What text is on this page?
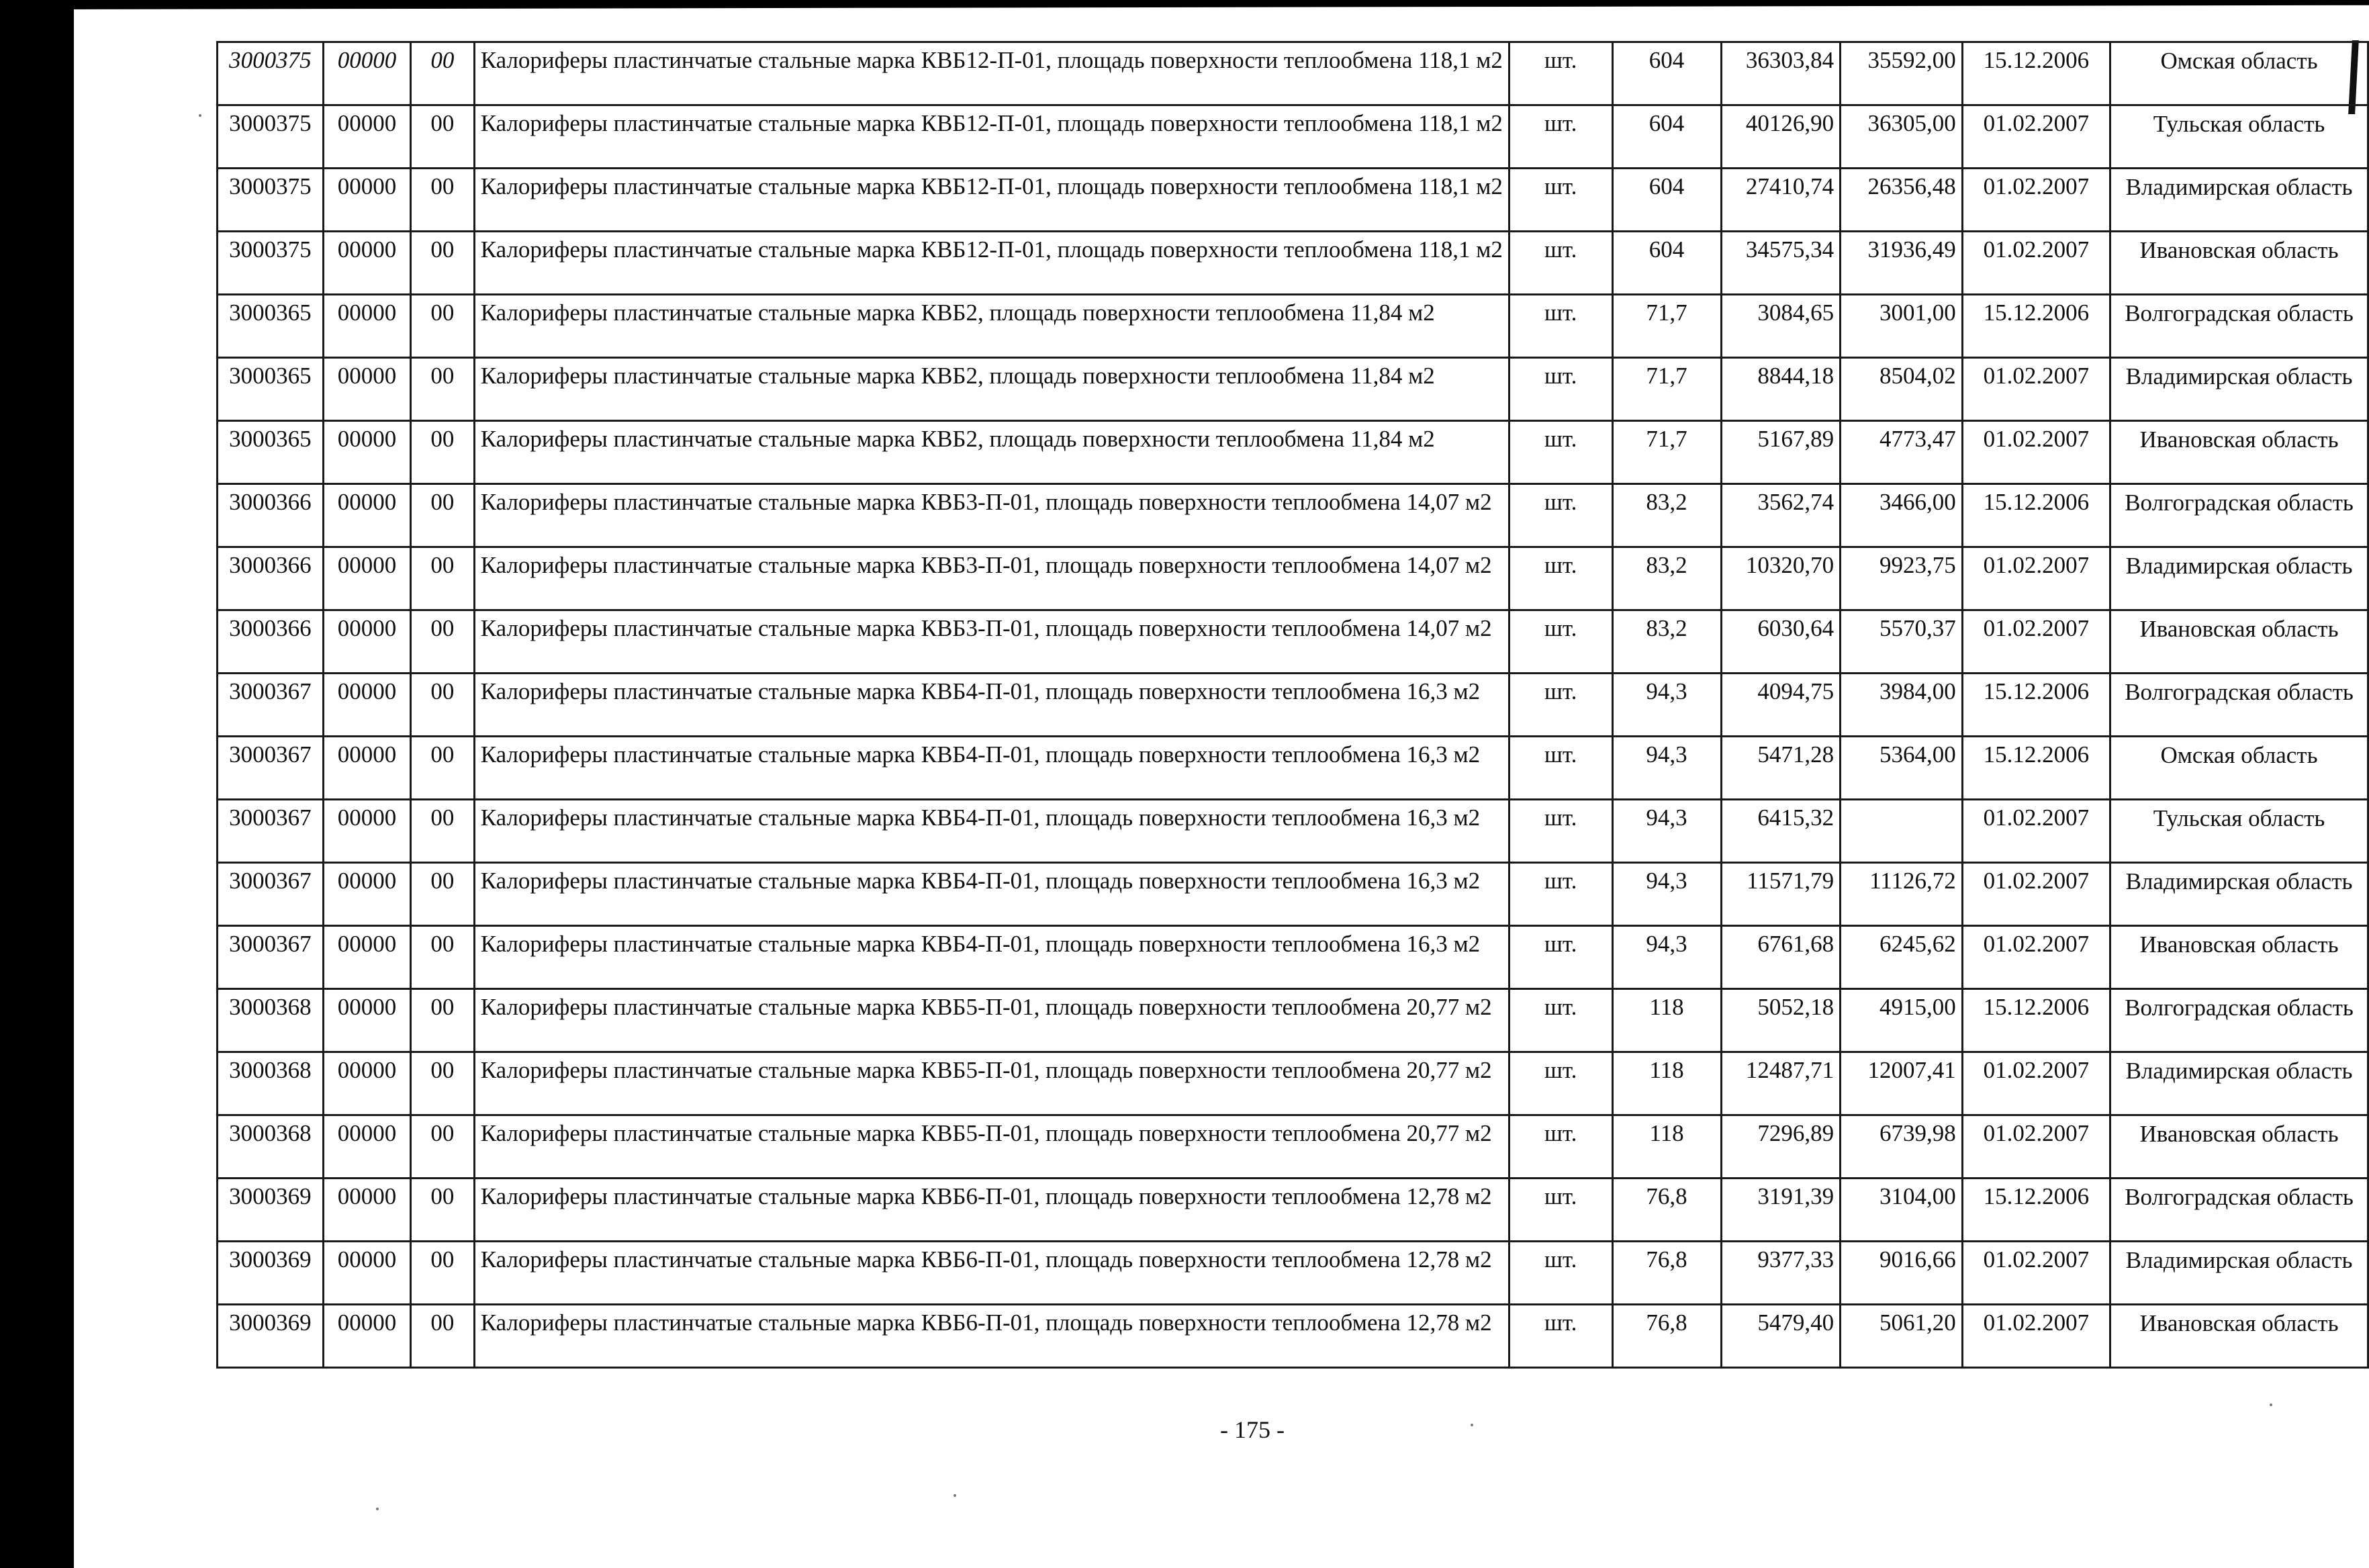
3000375	00000	00	Калориферы пластинчатые стальные марка КВБ12-П-01, площадь поверхности теплообмена 118,1 м2	шт.	604	36303,84	35592,00	15.12.2006	Омская область
3000375	00000	00	Калориферы пластинчатые стальные марка КВБ12-П-01, площадь поверхности теплообмена 118,1 м2	шт.	604	40126,90	36305,00	01.02.2007	Тульская область
3000375	00000	00	Калориферы пластинчатые стальные марка КВБ12-П-01, площадь поверхности теплообмена 118,1 м2	шт.	604	27410,74	26356,48	01.02.2007	Владимирская область
3000375	00000	00	Калориферы пластинчатые стальные марка КВБ12-П-01, площадь поверхности теплообмена 118,1 м2	шт.	604	34575,34	31936,49	01.02.2007	Ивановская область
3000365	00000	00	Калориферы пластинчатые стальные марка КВБ2, площадь поверхности теплообмена 11,84 м2	шт.	71,7	3084,65	3001,00	15.12.2006	Волгоградская область
3000365	00000	00	Калориферы пластинчатые стальные марка КВБ2, площадь поверхности теплообмена 11,84 м2	шт.	71,7	8844,18	8504,02	01.02.2007	Владимирская область
3000365	00000	00	Калориферы пластинчатые стальные марка КВБ2, площадь поверхности теплообмена 11,84 м2	шт.	71,7	5167,89	4773,47	01.02.2007	Ивановская область
3000366	00000	00	Калориферы пластинчатые стальные марка КВБ3-П-01, площадь поверхности теплообмена 14,07 м2	шт.	83,2	3562,74	3466,00	15.12.2006	Волгоградская область
3000366	00000	00	Калориферы пластинчатые стальные марка КВБ3-П-01, площадь поверхности теплообмена 14,07 м2	шт.	83,2	10320,70	9923,75	01.02.2007	Владимирская область
3000366	00000	00	Калориферы пластинчатые стальные марка КВБ3-П-01, площадь поверхности теплообмена 14,07 м2	шт.	83,2	6030,64	5570,37	01.02.2007	Ивановская область
3000367	00000	00	Калориферы пластинчатые стальные марка КВБ4-П-01, площадь поверхности теплообмена 16,3 м2	шт.	94,3	4094,75	3984,00	15.12.2006	Волгоградская область
3000367	00000	00	Калориферы пластинчатые стальные марка КВБ4-П-01, площадь поверхности теплообмена 16,3 м2	шт.	94,3	5471,28	5364,00	15.12.2006	Омская область
3000367	00000	00	Калориферы пластинчатые стальные марка КВБ4-П-01, площадь поверхности теплообмена 16,3 м2	шт.	94,3	6415,32		01.02.2007	Тульская область
3000367	00000	00	Калориферы пластинчатые стальные марка КВБ4-П-01, площадь поверхности теплообмена 16,3 м2	шт.	94,3	11571,79	11126,72	01.02.2007	Владимирская область
3000367	00000	00	Калориферы пластинчатые стальные марка КВБ4-П-01, площадь поверхности теплообмена 16,3 м2	шт.	94,3	6761,68	6245,62	01.02.2007	Ивановская область
3000368	00000	00	Калориферы пластинчатые стальные марка КВБ5-П-01, площадь поверхности теплообмена 20,77 м2	шт.	118	5052,18	4915,00	15.12.2006	Волгоградская область
3000368	00000	00	Калориферы пластинчатые стальные марка КВБ5-П-01, площадь поверхности теплообмена 20,77 м2	шт.	118	12487,71	12007,41	01.02.2007	Владимирская область
3000368	00000	00	Калориферы пластинчатые стальные марка КВБ5-П-01, площадь поверхности теплообмена 20,77 м2	шт.	118	7296,89	6739,98	01.02.2007	Ивановская область
3000369	00000	00	Калориферы пластинчатые стальные марка КВБ6-П-01, площадь поверхности теплообмена 12,78 м2	шт.	76,8	3191,39	3104,00	15.12.2006	Волгоградская область
3000369	00000	00	Калориферы пластинчатые стальные марка КВБ6-П-01, площадь поверхности теплообмена 12,78 м2	шт.	76,8	9377,33	9016,66	01.02.2007	Владимирская область
3000369	00000	00	Калориферы пластинчатые стальные марка КВБ6-П-01, площадь поверхности теплообмена 12,78 м2	шт.	76,8	5479,40	5061,20	01.02.2007	Ивановская область
- 175 -
